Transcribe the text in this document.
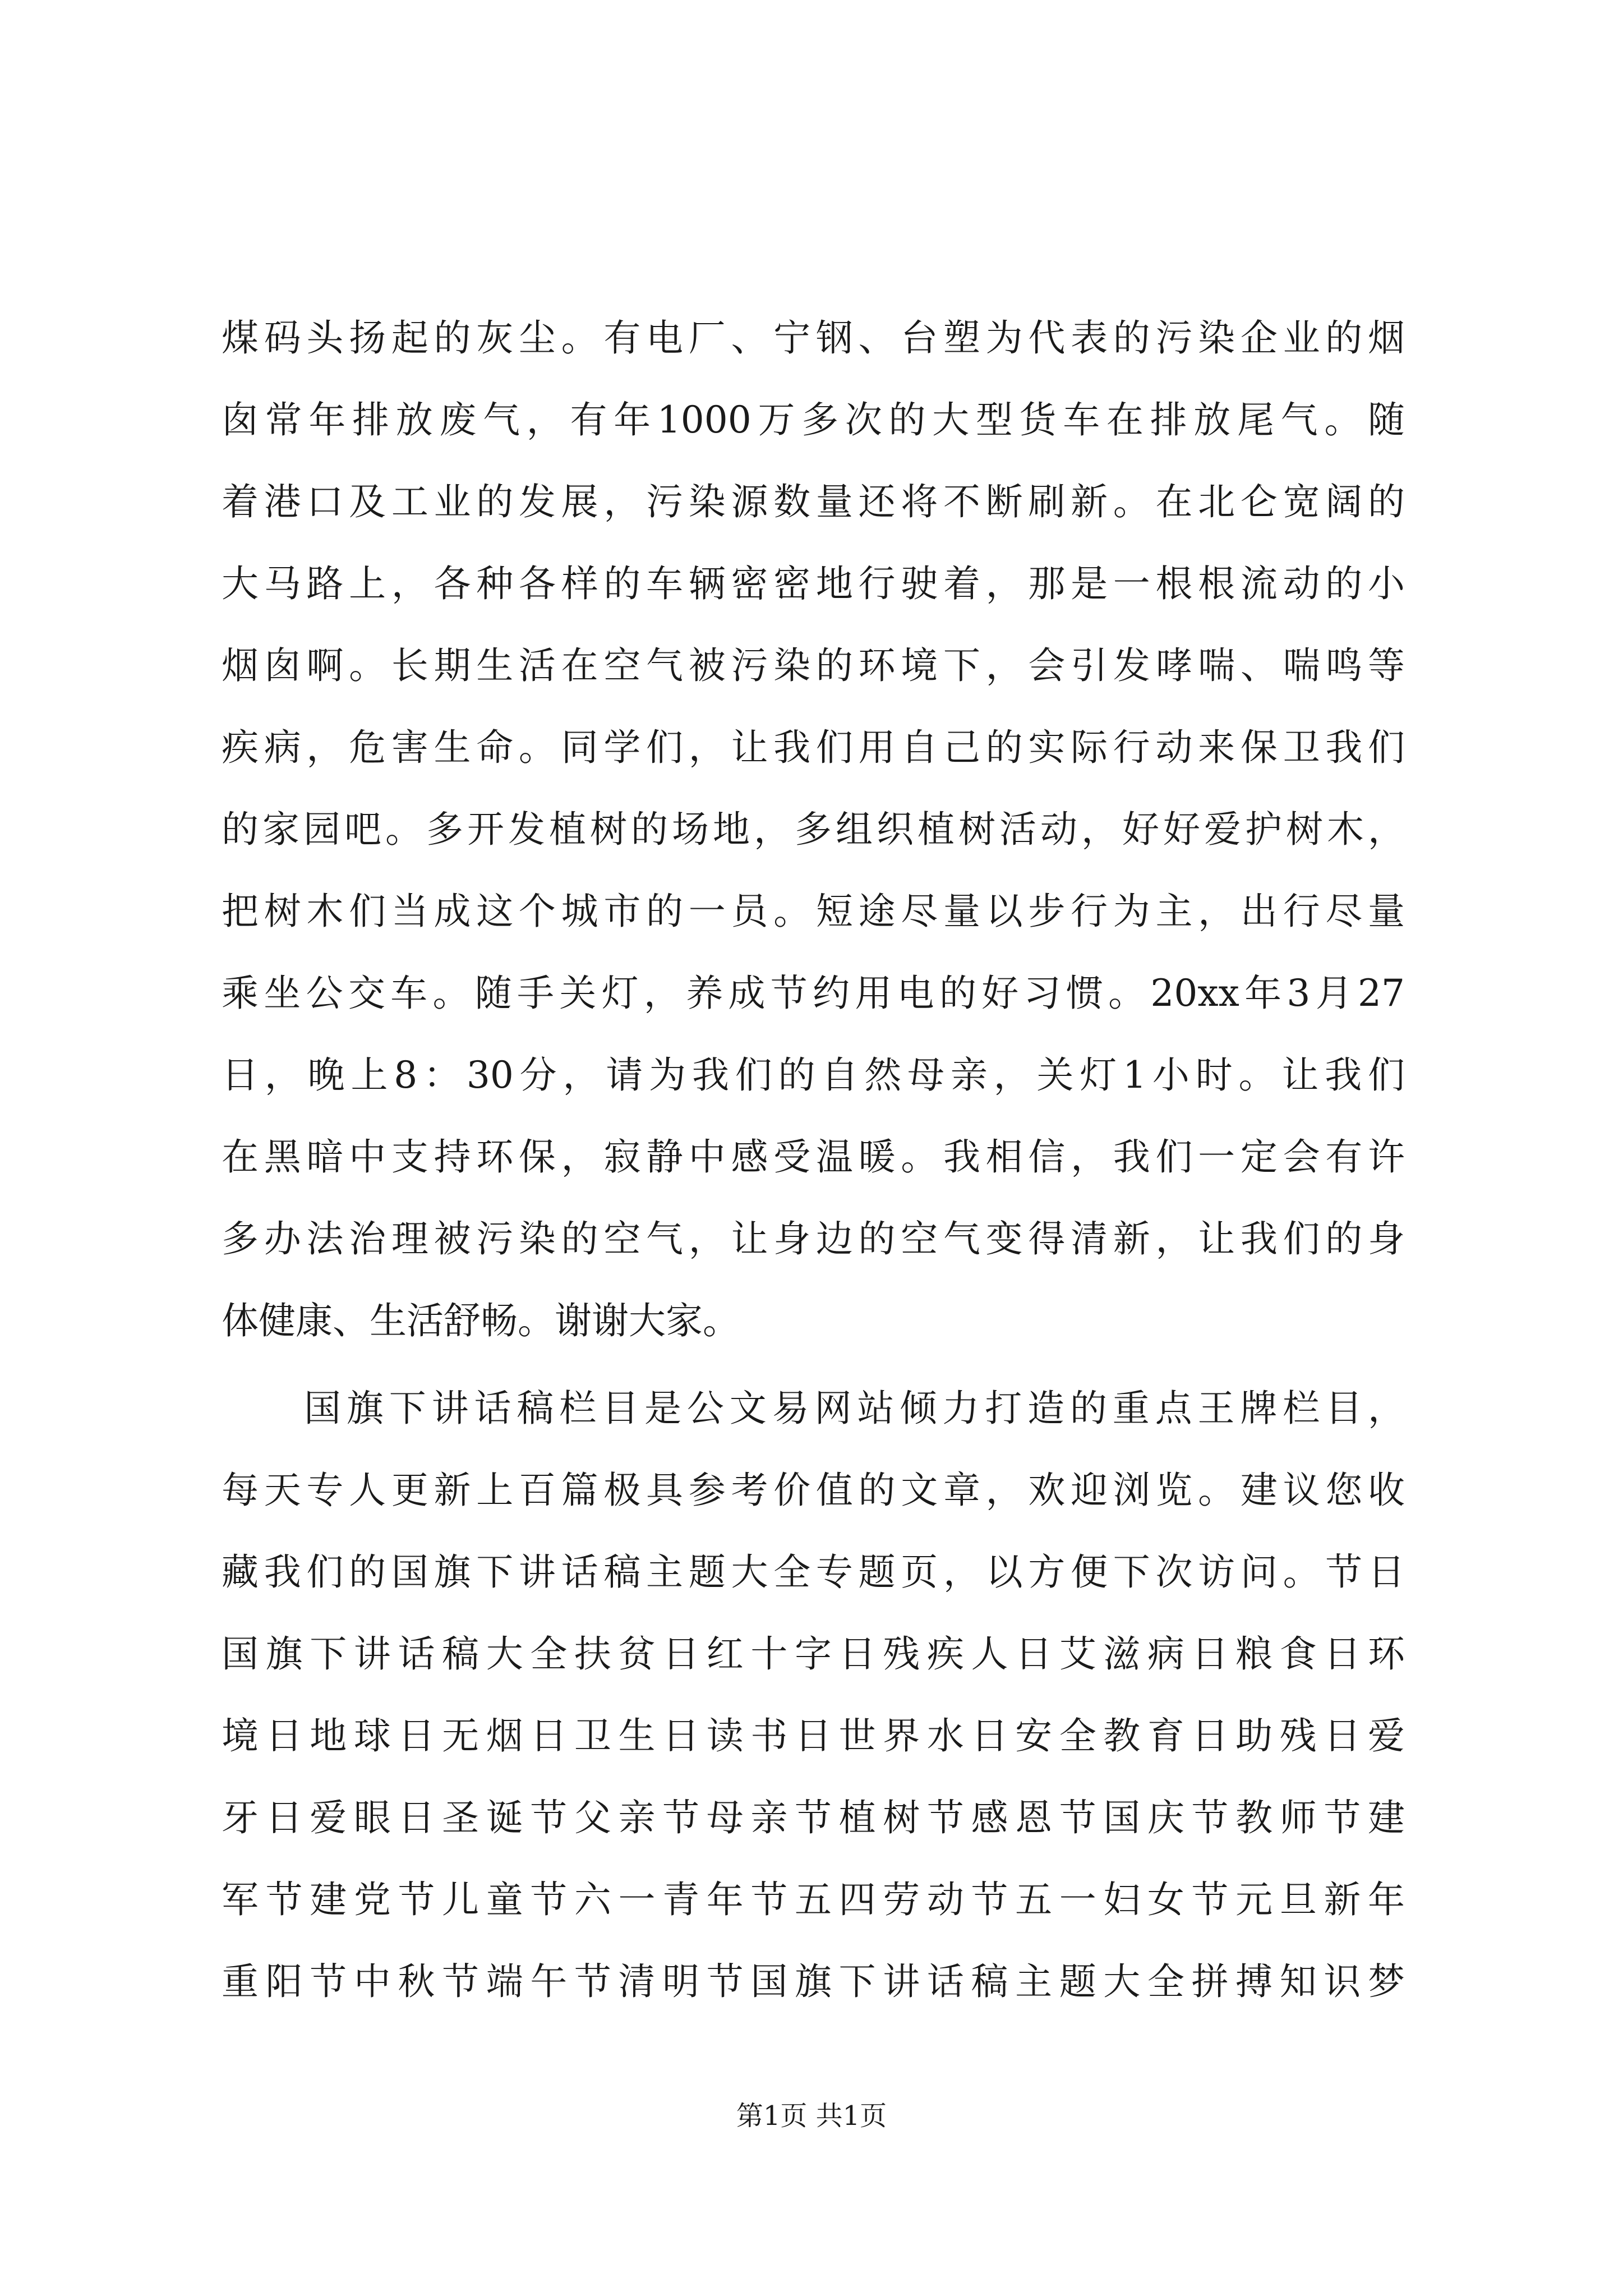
煤码头扬起的灰尘。有电厂、宁钢、台塑为代表的污染企业的烟
囱常年排放废气，有年1000万多次的大型货车在排放尾气。随
着港口及工业的发展，污染源数量还将不断刷新。在北仑宽阔的
大马路上，各种各样的车辆密密地行驶着，那是一根根流动的小
烟囱啊。长期生活在空气被污染的环境下，会引发哮喘、喘鸣等
疾病，危害生命。同学们，让我们用自己的实际行动来保卫我们
的家园吧。多开发植树的场地，多组织植树活动，好好爱护树木，
把树木们当成这个城市的一员。短途尽量以步行为主，出行尽量
乘坐公交车。随手关灯，养成节约用电的好习惯。20xx年3月27
日，晚上8：30分，请为我们的自然母亲，关灯1小时。让我们
在黑暗中支持环保，寂静中感受温暖。我相信，我们一定会有许
多办法治理被污染的空气，让身边的空气变得清新，让我们的身
体健康、生活舒畅。谢谢大家。
国旗下讲话稿栏目是公文易网站倾力打造的重点王牌栏目，
每天专人更新上百篇极具参考价值的文章，欢迎浏览。建议您收
藏我们的国旗下讲话稿主题大全专题页，以方便下次访问。节日
国旗下讲话稿大全扶贫日红十字日残疾人日艾滋病日粮食日环
境日地球日无烟日卫生日读书日世界水日安全教育日助残日爱
牙日爱眼日圣诞节父亲节母亲节植树节感恩节国庆节教师节建
军节建党节儿童节六一青年节五四劳动节五一妇女节元旦新年
重阳节中秋节端午节清明节国旗下讲话稿主题大全拼搏知识梦
第1页 共1页
